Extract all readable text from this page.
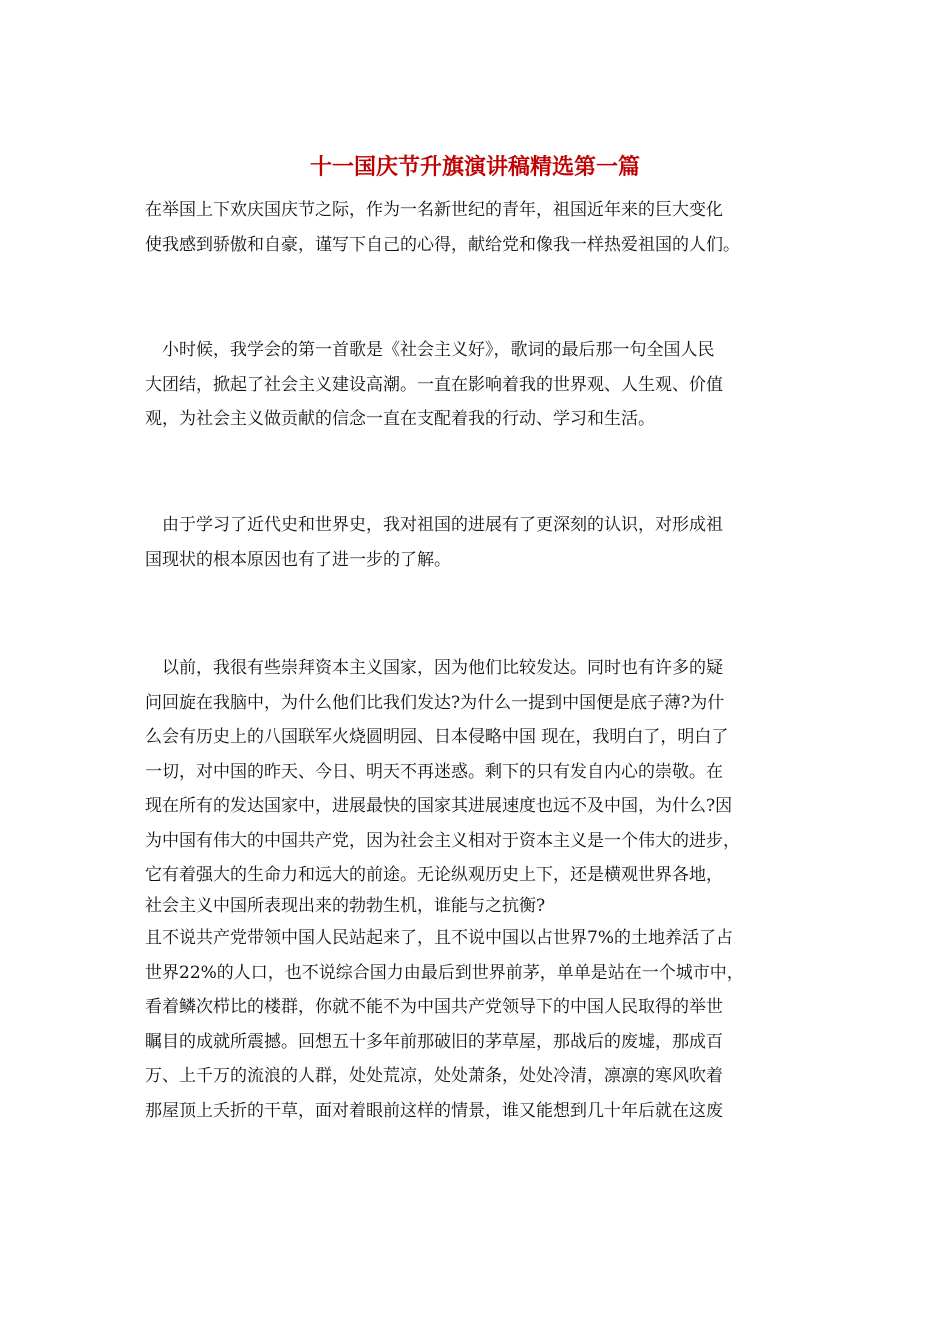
十一国庆节升旗演讲稿精选第一篇
在举国上下欢庆国庆节之际，作为一名新世纪的青年，祖国近年来的巨大变化
使我感到骄傲和自豪，谨写下自己的心得，献给党和像我一样热爱祖国的人们。
　小时候，我学会的第一首歌是《社会主义好》，歌词的最后那一句全国人民
大团结，掀起了社会主义建设高潮。一直在影响着我的世界观、人生观、价值
观，为社会主义做贡献的信念一直在支配着我的行动、学习和生活。
　由于学习了近代史和世界史，我对祖国的进展有了更深刻的认识，对形成祖
国现状的根本原因也有了进一步的了解。
　以前，我很有些崇拜资本主义国家，因为他们比较发达。同时也有许多的疑
问回旋在我脑中，为什么他们比我们发达?为什么一提到中国便是底子薄?为什
么会有历史上的八国联军火烧圆明园、日本侵略中国 现在，我明白了，明白了
一切，对中国的昨天、今日、明天不再迷惑。剩下的只有发自内心的崇敬。在
现在所有的发达国家中，进展最快的国家其进展速度也远不及中国，为什么?因
为中国有伟大的中国共产党，因为社会主义相对于资本主义是一个伟大的进步，
它有着强大的生命力和远大的前途。无论纵观历史上下，还是横观世界各地，
社会主义中国所表现出来的勃勃生机，谁能与之抗衡?
且不说共产党带领中国人民站起来了，且不说中国以占世界7%的土地养活了占
世界22%的人口，也不说综合国力由最后到世界前茅，单单是站在一个城市中，
看着鳞次栉比的楼群，你就不能不为中国共产党领导下的中国人民取得的举世
瞩目的成就所震撼。回想五十多年前那破旧的茅草屋，那战后的废墟，那成百
万、上千万的流浪的人群，处处荒凉，处处萧条，处处冷清，凛凛的寒风吹着
那屋顶上夭折的干草，面对着眼前这样的情景，谁又能想到几十年后就在这废
